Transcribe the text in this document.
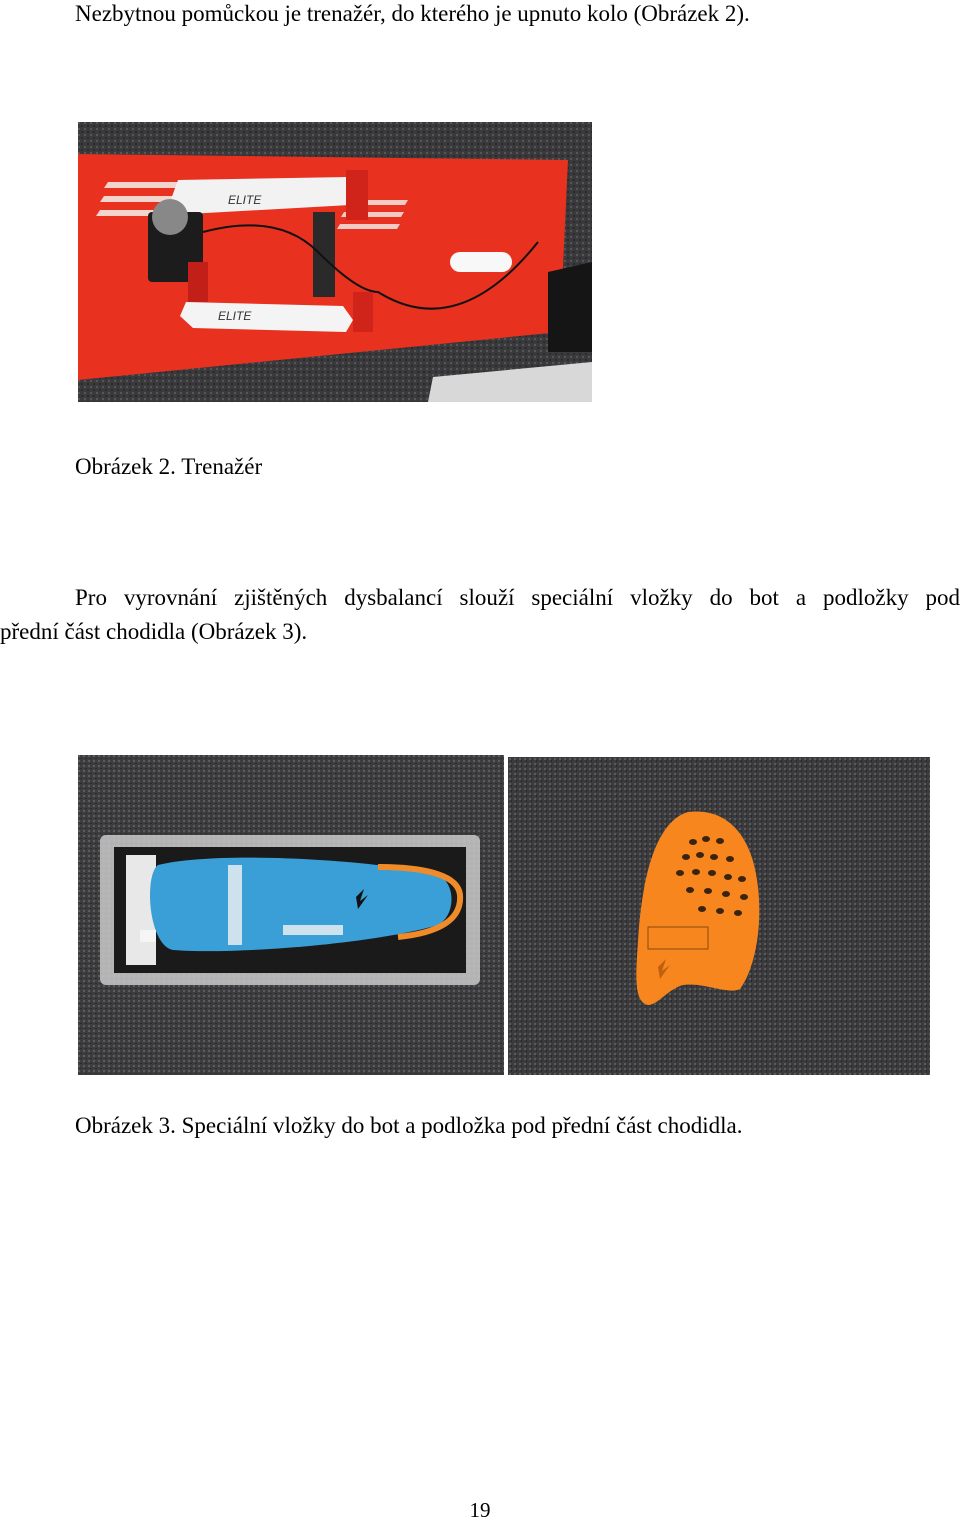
Nezbytnou pomůckou je trenažér, do kterého je upnuto kolo (Obrázek 2).
ELITE
ELITE
Obrázek 2. Trenažér
Pro vyrovnání zjištěných dysbalancí slouží speciální vložky do bot a podložky pod
přední část chodidla (Obrázek 3).
Obrázek 3. Speciální vložky do bot a podložka pod přední část chodidla.
19
